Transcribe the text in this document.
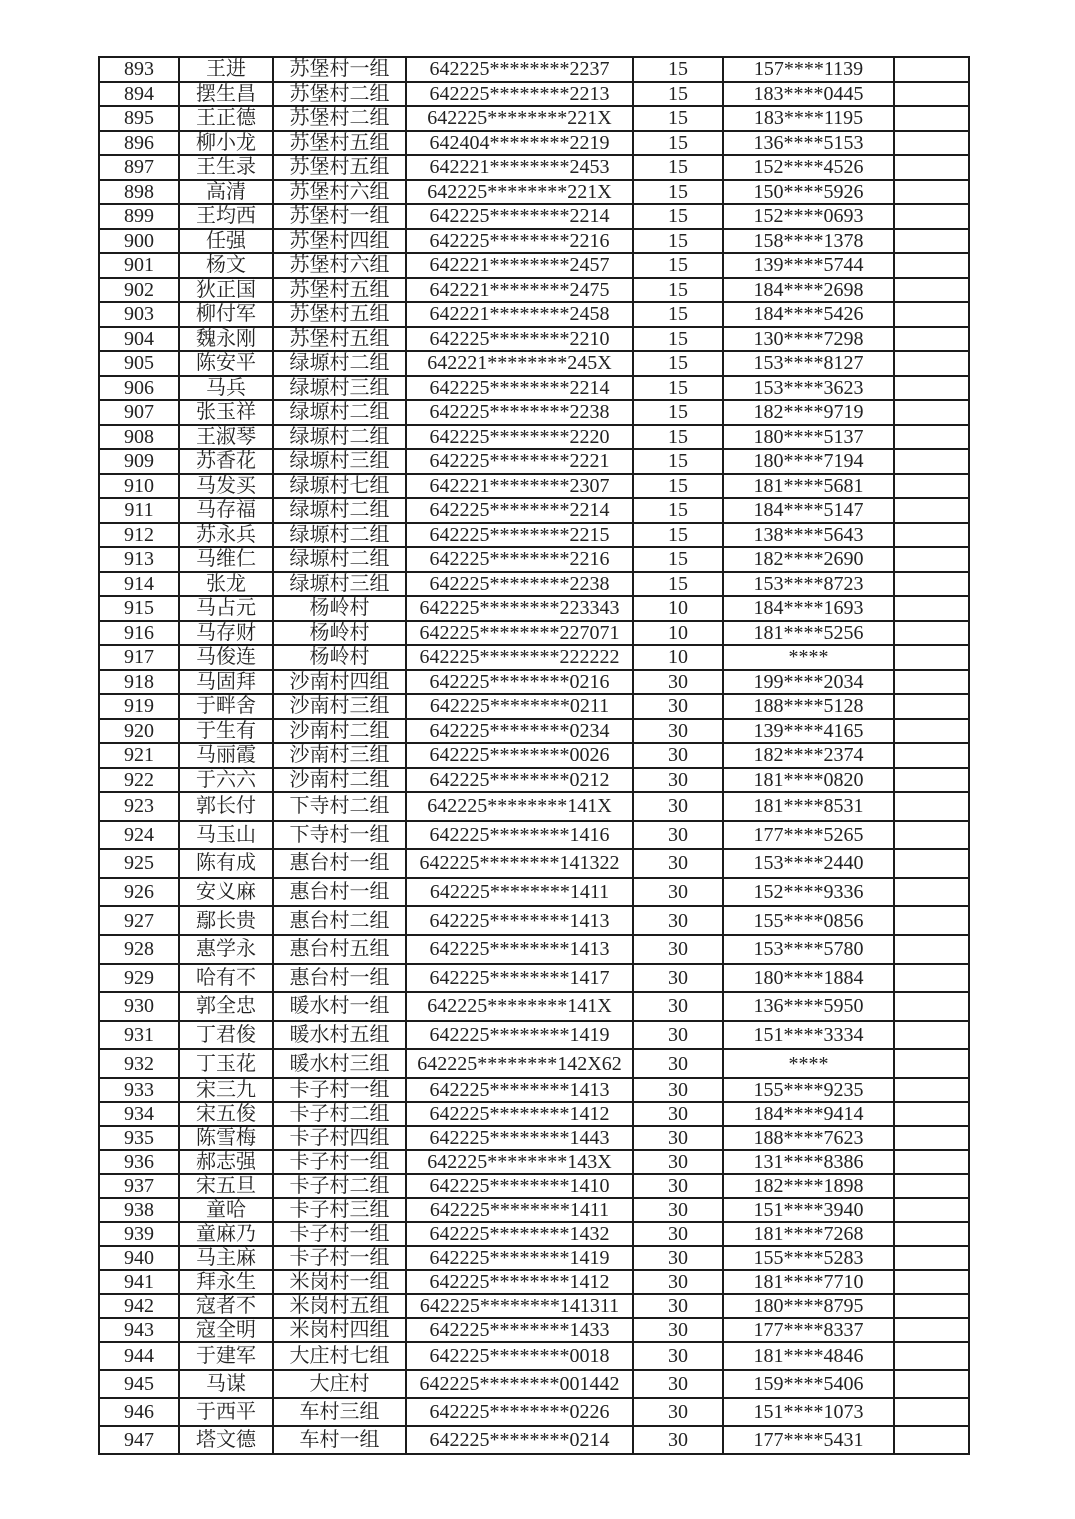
893	王进	苏堡村一组	642225********2237	15	157****1139	
894	摆生昌	苏堡村二组	642225********2213	15	183****0445	
895	王正德	苏堡村二组	642225********221X	15	183****1195	
896	柳小龙	苏堡村五组	642404********2219	15	136****5153	
897	王生录	苏堡村五组	642221********2453	15	152****4526	
898	高清	苏堡村六组	642225********221X	15	150****5926	
899	王均西	苏堡村一组	642225********2214	15	152****0693	
900	任强	苏堡村四组	642225********2216	15	158****1378	
901	杨文	苏堡村六组	642221********2457	15	139****5744	
902	狄正国	苏堡村五组	642221********2475	15	184****2698	
903	柳付军	苏堡村五组	642221********2458	15	184****5426	
904	魏永刚	苏堡村五组	642225********2210	15	130****7298	
905	陈安平	绿塬村二组	642221********245X	15	153****8127	
906	马兵	绿塬村三组	642225********2214	15	153****3623	
907	张玉祥	绿塬村二组	642225********2238	15	182****9719	
908	王淑琴	绿塬村二组	642225********2220	15	180****5137	
909	苏香花	绿塬村三组	642225********2221	15	180****7194	
910	马发买	绿塬村七组	642221********2307	15	181****5681	
911	马存福	绿塬村二组	642225********2214	15	184****5147	
912	苏永兵	绿塬村二组	642225********2215	15	138****5643	
913	马维仁	绿塬村二组	642225********2216	15	182****2690	
914	张龙	绿塬村三组	642225********2238	15	153****8723	
915	马占元	杨岭村	642225********223343	10	184****1693	
916	马存财	杨岭村	642225********227071	10	181****5256	
917	马俊连	杨岭村	642225********222222	10	****	
918	马固拜	沙南村四组	642225********0216	30	199****2034	
919	于畔舍	沙南村三组	642225********0211	30	188****5128	
920	于生有	沙南村二组	642225********0234	30	139****4165	
921	马丽霞	沙南村三组	642225********0026	30	182****2374	
922	于六六	沙南村二组	642225********0212	30	181****0820	
923	郭长付	下寺村二组	642225********141X	30	181****8531	
924	马玉山	下寺村一组	642225********1416	30	177****5265	
925	陈有成	惠台村一组	642225********141322	30	153****2440	
926	安义麻	惠台村一组	642225********1411	30	152****9336	
927	鄢长贵	惠台村二组	642225********1413	30	155****0856	
928	惠学永	惠台村五组	642225********1413	30	153****5780	
929	哈有不	惠台村一组	642225********1417	30	180****1884	
930	郭全忠	暖水村一组	642225********141X	30	136****5950	
931	丁君俊	暖水村五组	642225********1419	30	151****3334	
932	丁玉花	暖水村三组	642225********142X62	30	****	
933	宋三九	卡子村一组	642225********1413	30	155****9235	
934	宋五俊	卡子村二组	642225********1412	30	184****9414	
935	陈雪梅	卡子村四组	642225********1443	30	188****7623	
936	郝志强	卡子村一组	642225********143X	30	131****8386	
937	宋五旦	卡子村二组	642225********1410	30	182****1898	
938	童哈	卡子村三组	642225********1411	30	151****3940	
939	童麻乃	卡子村一组	642225********1432	30	181****7268	
940	马主麻	卡子村一组	642225********1419	30	155****5283	
941	拜永生	米岗村一组	642225********1412	30	181****7710	
942	寇者不	米岗村五组	642225********141311	30	180****8795	
943	寇全明	米岗村四组	642225********1433	30	177****8337	
944	于建军	大庄村七组	642225********0018	30	181****4846	
945	马谋	大庄村	642225********001442	30	159****5406	
946	于西平	车村三组	642225********0226	30	151****1073	
947	塔文德	车村一组	642225********0214	30	177****5431	
